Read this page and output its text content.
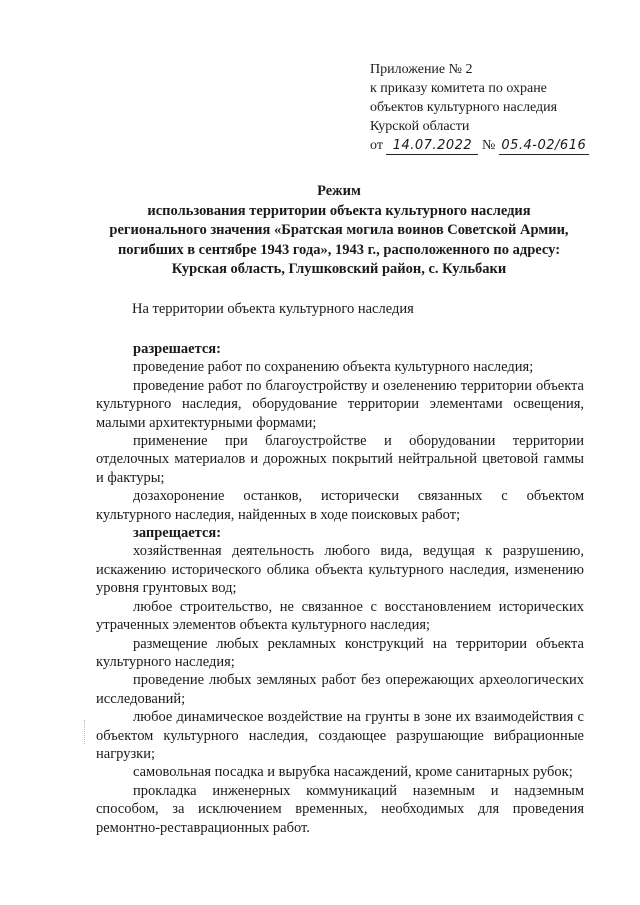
Приложение № 2
к приказу комитета по охране
объектов культурного наследия
Курской области
от 14.07.2022 № 05.4-02/616
Режим
использования территории объекта культурного наследия
регионального значения «Братская могила воинов Советской Армии,
погибших в сентябре 1943 года», 1943 г., расположенного по адресу:
Курская область, Глушковский район, с. Кульбаки
На территории объекта культурного наследия

разрешается:

проведение работ по сохранению объекта культурного наследия;

проведение работ по благоустройству и озеленению территории объекта культурного наследия, оборудование территории элементами освещения, малыми архитектурными формами;

применение при благоустройстве и оборудовании территории отделочных материалов и дорожных покрытий нейтральной цветовой гаммы и фактуры;

дозахоронение останков, исторически связанных с объектом культурного наследия, найденных в ходе поисковых работ;

запрещается:

хозяйственная деятельность любого вида, ведущая к разрушению, искажению исторического облика объекта культурного наследия, изменению уровня грунтовых вод;

любое строительство, не связанное с восстановлением исторических утраченных элементов объекта культурного наследия;

размещение любых рекламных конструкций на территории объекта культурного наследия;

проведение любых земляных работ без опережающих археологических исследований;

любое динамическое воздействие на грунты в зоне их взаимодействия с объектом культурного наследия, создающее разрушающие вибрационные нагрузки;

самовольная посадка и вырубка насаждений, кроме санитарных рубок;

прокладка инженерных коммуникаций наземным и надземным способом, за исключением временных, необходимых для проведения ремонтно-реставрационных работ.
